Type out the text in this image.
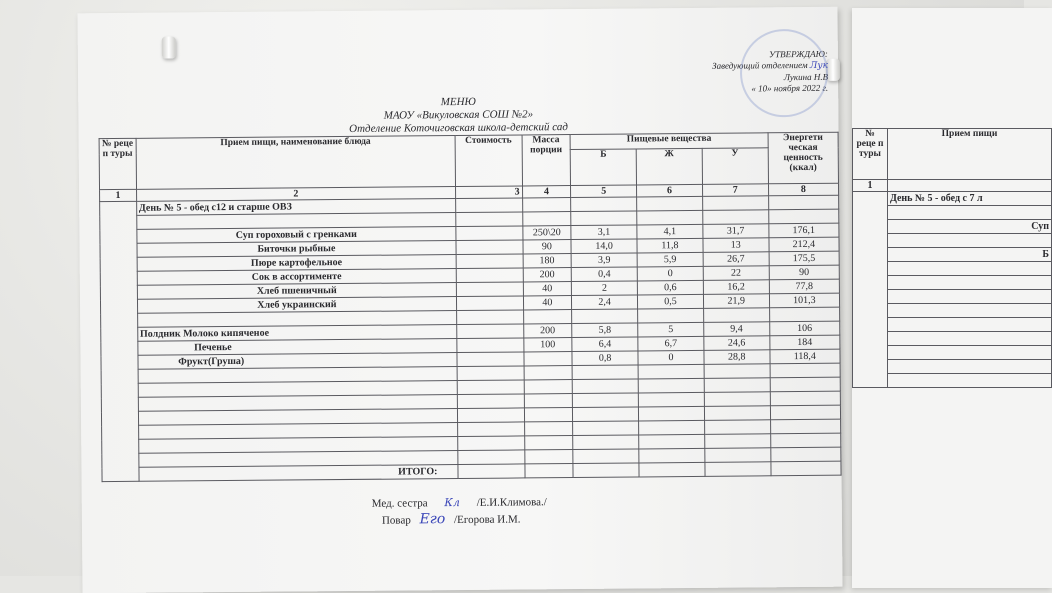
УТВЕРЖДАЮ:
Заведующий отделением Лук
Лукина Н.В
« 10» ноября 2022 г.
МЕНЮ
МАОУ «Викуловская СОШ №2»
Отделение Коточиговская школа-детский сад
№ реце п туры	Прием пищи, наименование блюда	Стоимость	Масса порции	Пищевые вещества			Энергети ческая ценность (ккал)
				Б	Ж	У	
1	2	3	4	5	6	7	8
	День № 5 - обед с12 и старше ОВЗ						

	Суп гороховый с гренками		250\20	3,1	4,1	31,7	176,1
	Биточки рыбные		90	14,0	11,8	13	212,4
	Пюре картофельное		180	3,9	5,9	26,7	175,5
	Сок в ассортименте		200	0,4	0	22	90
	Хлеб пшеничный		40	2	0,6	16,2	77,8
	Хлеб украинский		40	2,4	0,5	21,9	101,3

	Полдник Молоко кипяченое		200	5,8	5	9,4	106
	Печенье		100	6,4	6,7	24,6	184
	Фрукт(Груша)			0,8	0	28,8	118,4

	ИТОГО:						
Мед. сестра Кл /Е.И.Климова./
Повар Его /Егорова И.М.
№ реце п туры	Прием пищи
1	
	День № 5 - обед с 7 л

	Суп

	Б
